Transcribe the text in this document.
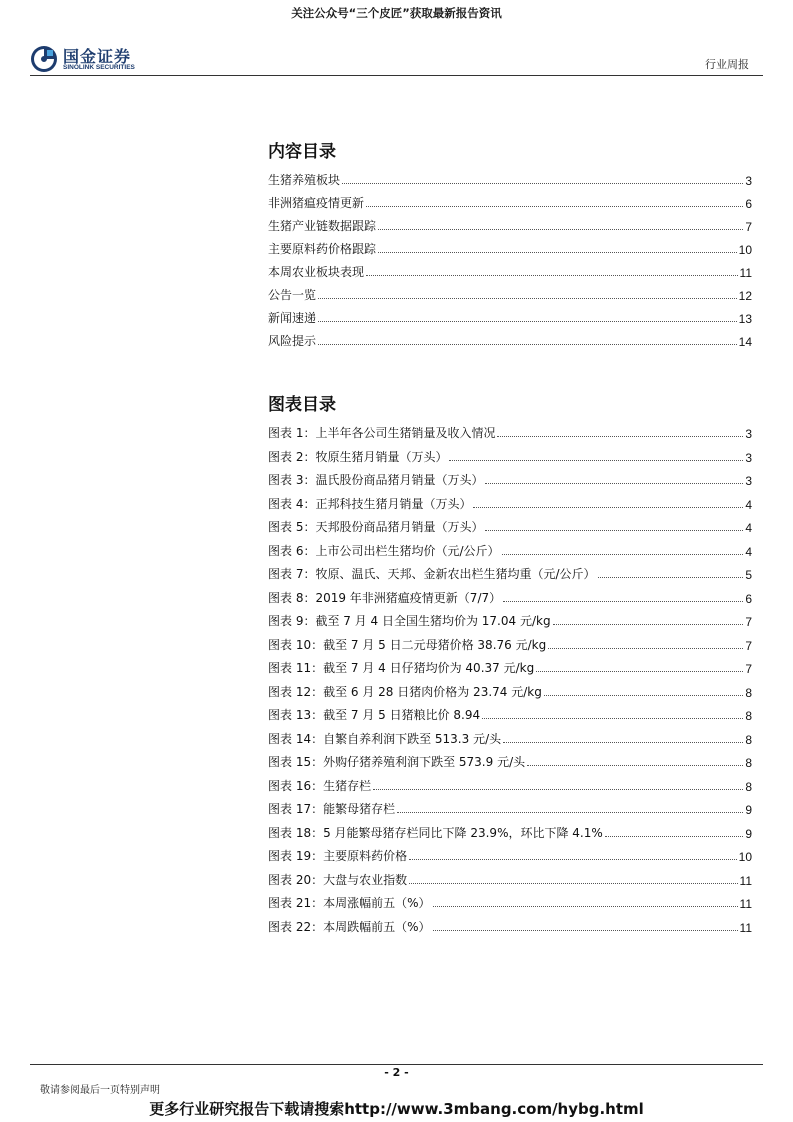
关注公众号“三个皮匠”获取最新报告资讯
国金证券
SINOLINK SECURITIES	行业周报
内容目录
生猪养殖板块	3
非洲猪瘟疫情更新	6
生猪产业链数据跟踪	7
主要原料药价格跟踪	10
本周农业板块表现	11
公告一览	12
新闻速递	13
风险提示	14
图表目录
图表 1：上半年各公司生猪销量及收入情况	3
图表 2：牧原生猪月销量（万头）	3
图表 3：温氏股份商品猪月销量（万头）	3
图表 4：正邦科技生猪月销量（万头）	4
图表 5：天邦股份商品猪月销量（万头）	4
图表 6：上市公司出栏生猪均价（元/公斤）	4
图表 7：牧原、温氏、天邦、金新农出栏生猪均重（元/公斤）	5
图表 8：2019 年非洲猪瘟疫情更新（7/7）	6
图表 9：截至 7 月 4 日全国生猪均价为 17.04 元/kg	7
图表 10：截至 7 月 5 日二元母猪价格 38.76 元/kg	7
图表 11：截至 7 月 4 日仔猪均价为 40.37 元/kg	7
图表 12：截至 6 月 28 日猪肉价格为 23.74 元/kg	8
图表 13：截至 7 月 5 日猪粮比价 8.94	8
图表 14：自繁自养利润下跌至 513.3 元/头	8
图表 15：外购仔猪养殖利润下跌至 573.9 元/头	8
图表 16：生猪存栏	8
图表 17：能繁母猪存栏	9
图表 18：5 月能繁母猪存栏同比下降 23.9%，环比下降 4.1%	9
图表 19：主要原料药价格	10
图表 20：大盘与农业指数	11
图表 21：本周涨幅前五（%）	11
图表 22：本周跌幅前五（%）	11
- 2 -
敬请参阅最后一页特别声明
更多行业研究报告下载请搜索http://www.3mbang.com/hybg.html
